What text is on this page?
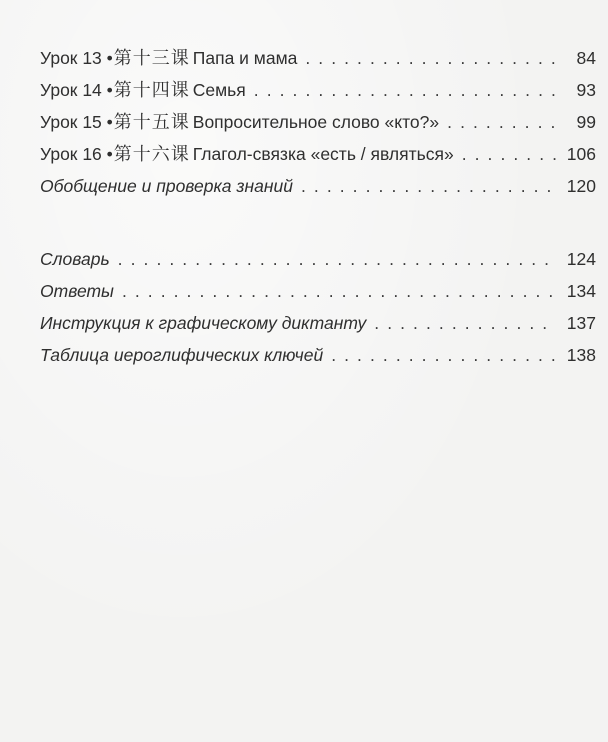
Урок 13 • 第十三课 Папа и мама . . .	84
Урок 14 • 第十四课 Семья . . .	93
Урок 15 • 第十五课 Вопросительное слово «кто?» . . .	99
Урок 16 • 第十六课 Глагол-связка «есть / являться» . . .	106
Обобщение и проверка знаний . . .	120
Словарь . . .	124
Ответы . . .	134
Инструкция к графическому диктанту . . .	137
Таблица иероглифических ключей . . .	138
